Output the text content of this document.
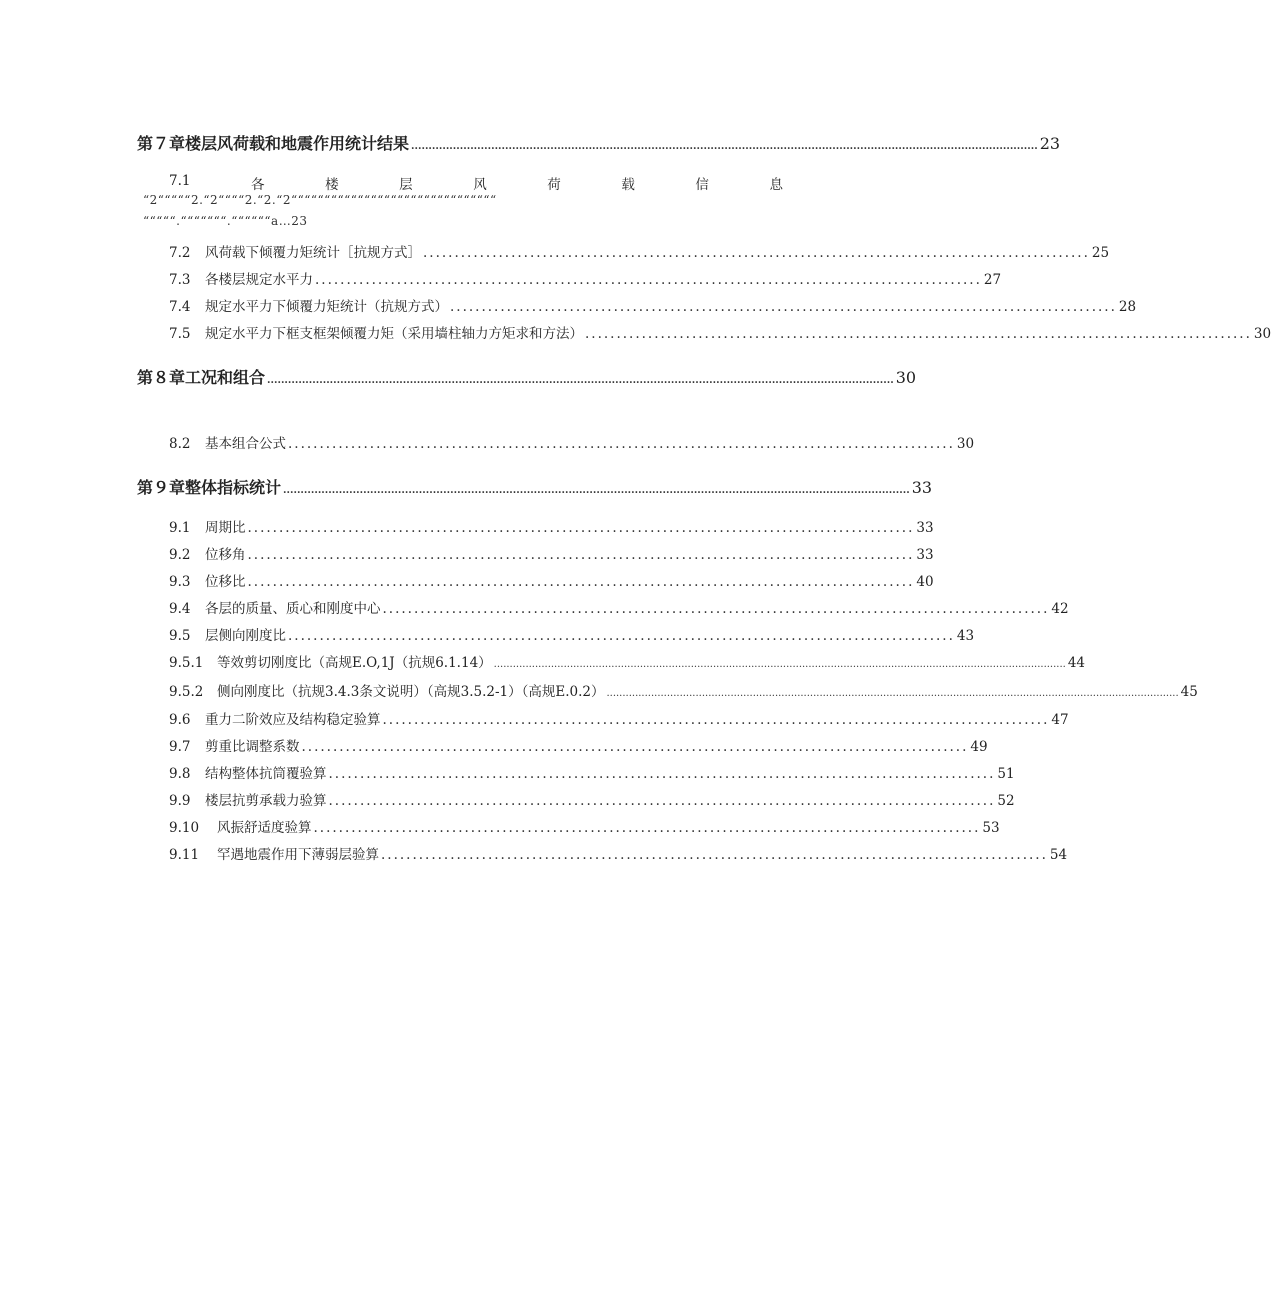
第７章楼层风荷载和地震作用统计结果 .................................................................................................................................................................................... 23
7.1	各	楼	层	风	荷	载	信	息
“2“““““2.“2““““2.“2.“2“““““““““““““““““““““““““““““““
“““““.“““““““.““““““a…23
7.2	风荷载下倾覆力矩统计［抗规方式］ .......................................................................................................... 25
7.3	各楼层规定水平力 .......................................................................................................... 27
7.4	规定水平力下倾覆力矩统计（抗规方式） .......................................................................................................... 28
7.5	规定水平力下框支框架倾覆力矩（采用墙柱轴力方矩求和方法） .......................................................................................................... 30
第８章工况和组合 .................................................................................................................................................................................... 30
8.2	基本组合公式 .......................................................................................................... 30
第９章整体指标统计 .................................................................................................................................................................................... 33
9.1	周期比 .......................................................................................................... 33
9.2	位移角 .......................................................................................................... 33
9.3	位移比 .......................................................................................................... 40
9.4	各层的质量、质心和刚度中心 .......................................................................................................... 42
9.5	层侧向刚度比 .......................................................................................................... 43
9.5.1	等效剪切刚度比（高规E.O,1J（抗规6.1.14） .................................................................................................................................................................................... 44
9.5.2	侧向刚度比（抗规3.4.3条文说明）（高规3.5.2-1）（高规E.0.2） .................................................................................................................................................................................... 45
9.6	重力二阶效应及结构稳定验算 .......................................................................................................... 47
9.7	剪重比调整系数 .......................................................................................................... 49
9.8	结构整体抗筒覆验算 .......................................................................................................... 51
9.9	楼层抗剪承载力验算 .......................................................................................................... 52
9.10	风振舒适度验算 .......................................................................................................... 53
9.11	罕遇地震作用下薄弱层验算 .......................................................................................................... 54
